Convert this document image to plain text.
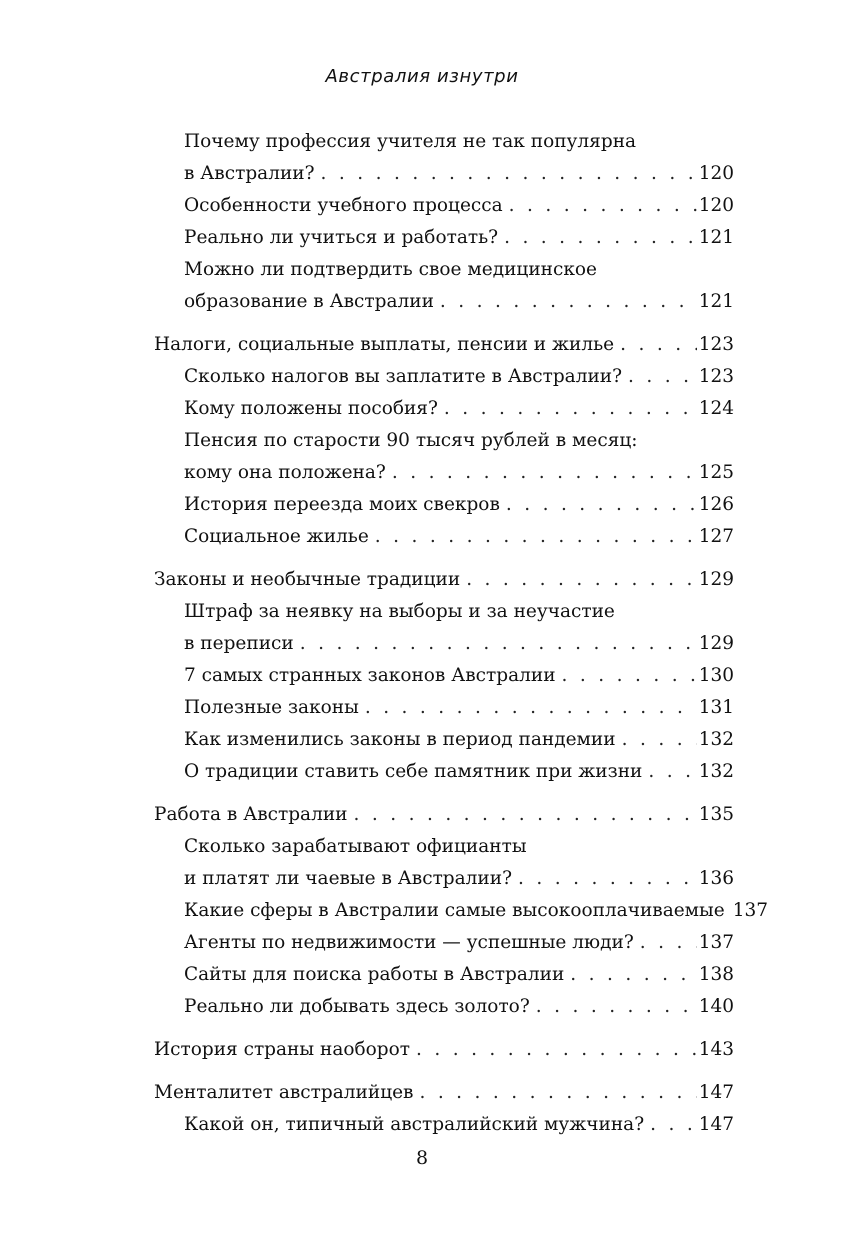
Австралия изнутри
Почему профессия учителя не так популярна
в Австралии? . . .	120
Особенности учебного процесса . . .	120
Реально ли учиться и работать? . . .	121
Можно ли подтвердить свое медицинское
образование в Австралии . . .	121
Налоги, социальные выплаты, пенсии и жилье . . .	123
Сколько налогов вы заплатите в Австралии? . . .	123
Кому положены пособия? . . .	124
Пенсия по старости 90 тысяч рублей в месяц:
кому она положена? . . .	125
История переезда моих свекров . . .	126
Социальное жилье . . .	127
Законы и необычные традиции . . .	129
Штраф за неявку на выборы и за неучастие
в переписи . . .	129
7 самых странных законов Австралии . . .	130
Полезные законы . . .	131
Как изменились законы в период пандемии . . .	132
О традиции ставить себе памятник при жизни . . .	132
Работа в Австралии . . .	135
Сколько зарабатывают официанты
и платят ли чаевые в Австралии? . . .	136
Какие сферы в Австралии самые высокооплачиваемые 137
Агенты по недвижимости — успешные люди? . . .	137
Сайты для поиска работы в Австралии . . .	138
Реально ли добывать здесь золото? . . .	140
История страны наоборот . . .	143
Менталитет австралийцев . . .	147
Какой он, типичный австралийский мужчина? . . .	147
8
